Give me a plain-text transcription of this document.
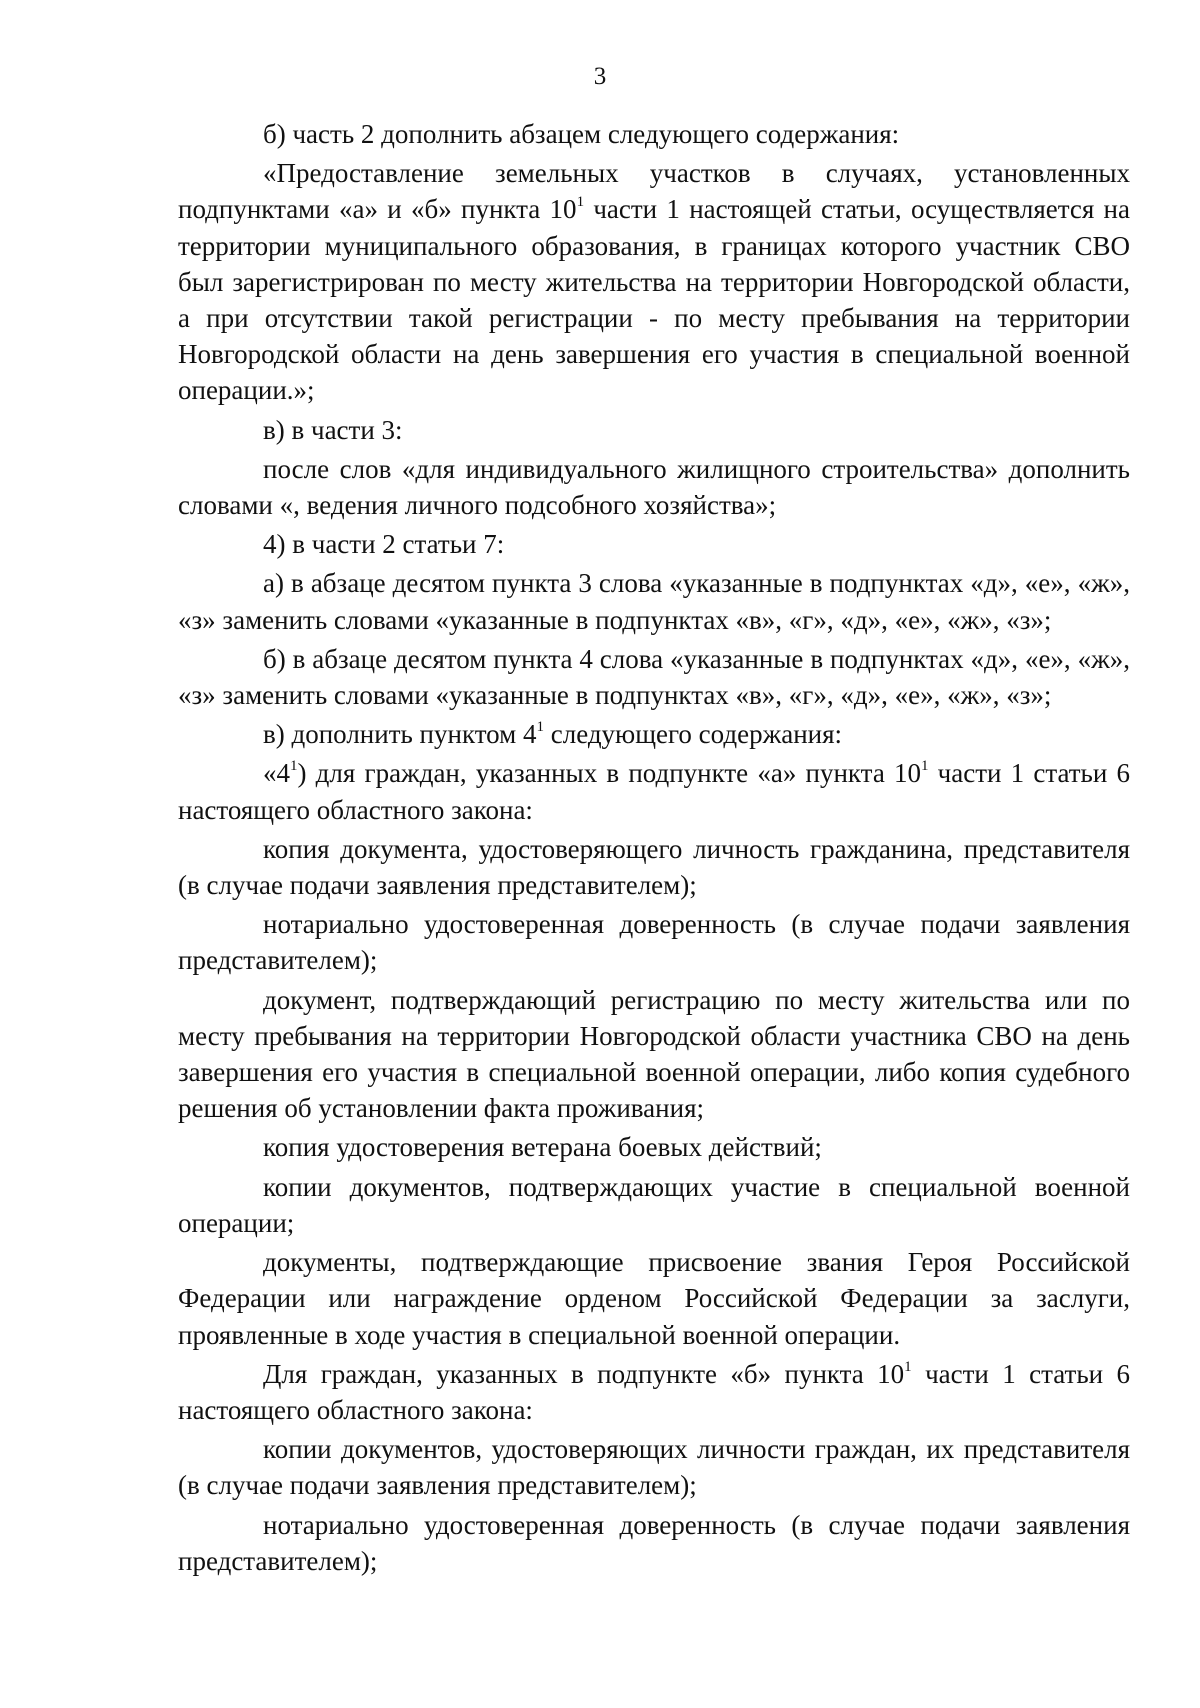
3

б) часть 2 дополнить абзацем следующего содержания:

«Предоставление земельных участков в случаях, установленных подпунктами «а» и «б» пункта $10^1$ части 1 настоящей статьи, осуществляется на территории муниципального образования, в границах которого участник СВО был зарегистрирован по месту жительства на территории Новгородской области, а при отсутствии такой регистрации - по месту пребывания на территории Новгородской области на день завершения его участия в специальной военной операции.»;

в) в части 3:

после слов «для индивидуального жилищного строительства» дополнить словами «, ведения личного подсобного хозяйства»;

4) в части 2 статьи 7:

а) в абзаце десятом пункта 3 слова «указанные в подпунктах «д», «е», «ж», «з» заменить словами «указанные в подпунктах «в», «г», «д», «е», «ж», «з»;

б) в абзаце десятом пункта 4 слова «указанные в подпунктах «д», «е», «ж», «з» заменить словами «указанные в подпунктах «в», «г», «д», «е», «ж», «з»;

в) дополнить пунктом $4^1$ следующего содержания:

«$4^1$) для граждан, указанных в подпункте «а» пункта $10^1$ части 1 статьи 6 настоящего областного закона:

копия документа, удостоверяющего личность гражданина, представителя (в случае подачи заявления представителем);

нотариально удостоверенная доверенность (в случае подачи заявления представителем);

документ, подтверждающий регистрацию по месту жительства или по месту пребывания на территории Новгородской области участника СВО на день завершения его участия в специальной военной операции, либо копия судебного решения об установлении факта проживания;

копия удостоверения ветерана боевых действий;

копии документов, подтверждающих участие в специальной военной операции;

документы, подтверждающие присвоение звания Героя Российской Федерации или награждение орденом Российской Федерации за заслуги, проявленные в ходе участия в специальной военной операции.

Для граждан, указанных в подпункте «б» пункта $10^1$ части 1 статьи 6 настоящего областного закона:

копии документов, удостоверяющих личности граждан, их представителя (в случае подачи заявления представителем);

нотариально удостоверенная доверенность (в случае подачи заявления представителем);
